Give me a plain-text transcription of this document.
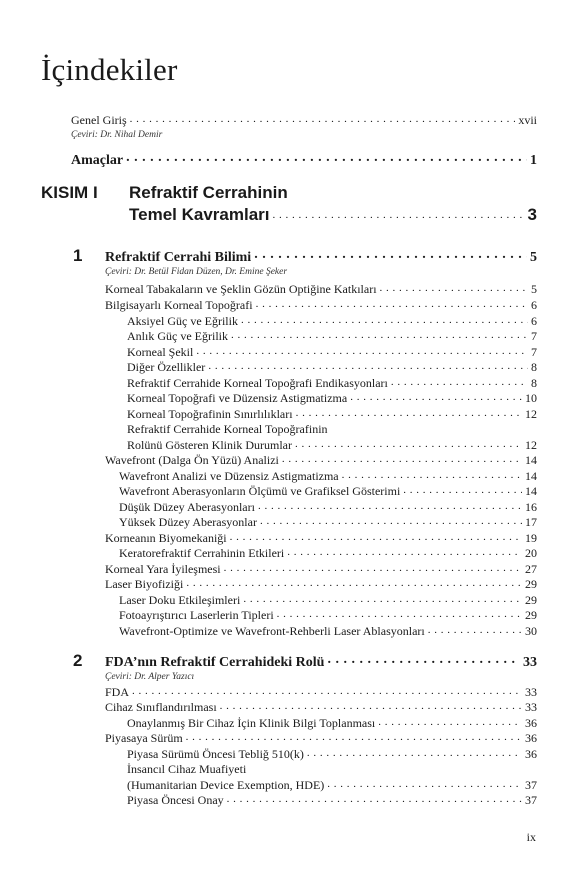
İçindekiler
Genel Giriş . . .	xvii
Çeviri: Dr. Nihal Demir
Amaçlar . . .	1
KISIM I Refraktif Cerrahinin
Temel Kavramları . . .	3
1 Refraktif Cerrahi Bilimi . . .	5
Çeviri: Dr. Betül Fidan Düzen, Dr. Emine Şeker
Korneal Tabakaların ve Şeklin Gözün Optiğine Katkıları . . .	5
Bilgisayarlı Korneal Topoğrafi . . .	6
Aksiyel Güç ve Eğrilik . . .	6
Anlık Güç ve Eğrilik . . .	7
Korneal Şekil . . .	7
Diğer Özellikler . . .	8
Refraktif Cerrahide Korneal Topoğrafi Endikasyonları . . .	8
Korneal Topoğrafi ve Düzensiz Astigmatizma . . .	10
Korneal Topoğrafinin Sınırlılıkları . . .	12
Refraktif Cerrahide Korneal Topoğrafinin
Rolünü Gösteren Klinik Durumlar . . .	12
Wavefront (Dalga Ön Yüzü) Analizi . . .	14
Wavefront Analizi ve Düzensiz Astigmatizma . . .	14
Wavefront Aberasyonların Ölçümü ve Grafiksel Gösterimi . . .	14
Düşük Düzey Aberasyonları . . .	16
Yüksek Düzey Aberasyonlar . . .	17
Korneanın Biyomekaniği . . .	19
Keratorefraktif Cerrahinin Etkileri . . .	20
Korneal Yara İyileşmesi . . .	27
Laser Biyofiziği . . .	29
Laser Doku Etkileşimleri . . .	29
Fotoayrıştırıcı Laserlerin Tipleri . . .	29
Wavefront-Optimize ve Wavefront-Rehberli Laser Ablasyonları . . .	30
2 FDA’nın Refraktif Cerrahideki Rolü . . .	33
Çeviri: Dr. Alper Yazıcı
FDA . . .	33
Cihaz Sınıflandırılması . . .	33
Onaylanmış Bir Cihaz İçin Klinik Bilgi Toplanması . . .	36
Piyasaya Sürüm . . .	36
Piyasa Sürümü Öncesi Tebliğ 510(k) . . .	36
İnsancıl Cihaz Muafiyeti
(Humanitarian Device Exemption, HDE) . . .	37
Piyasa Öncesi Onay . . .	37
ix
